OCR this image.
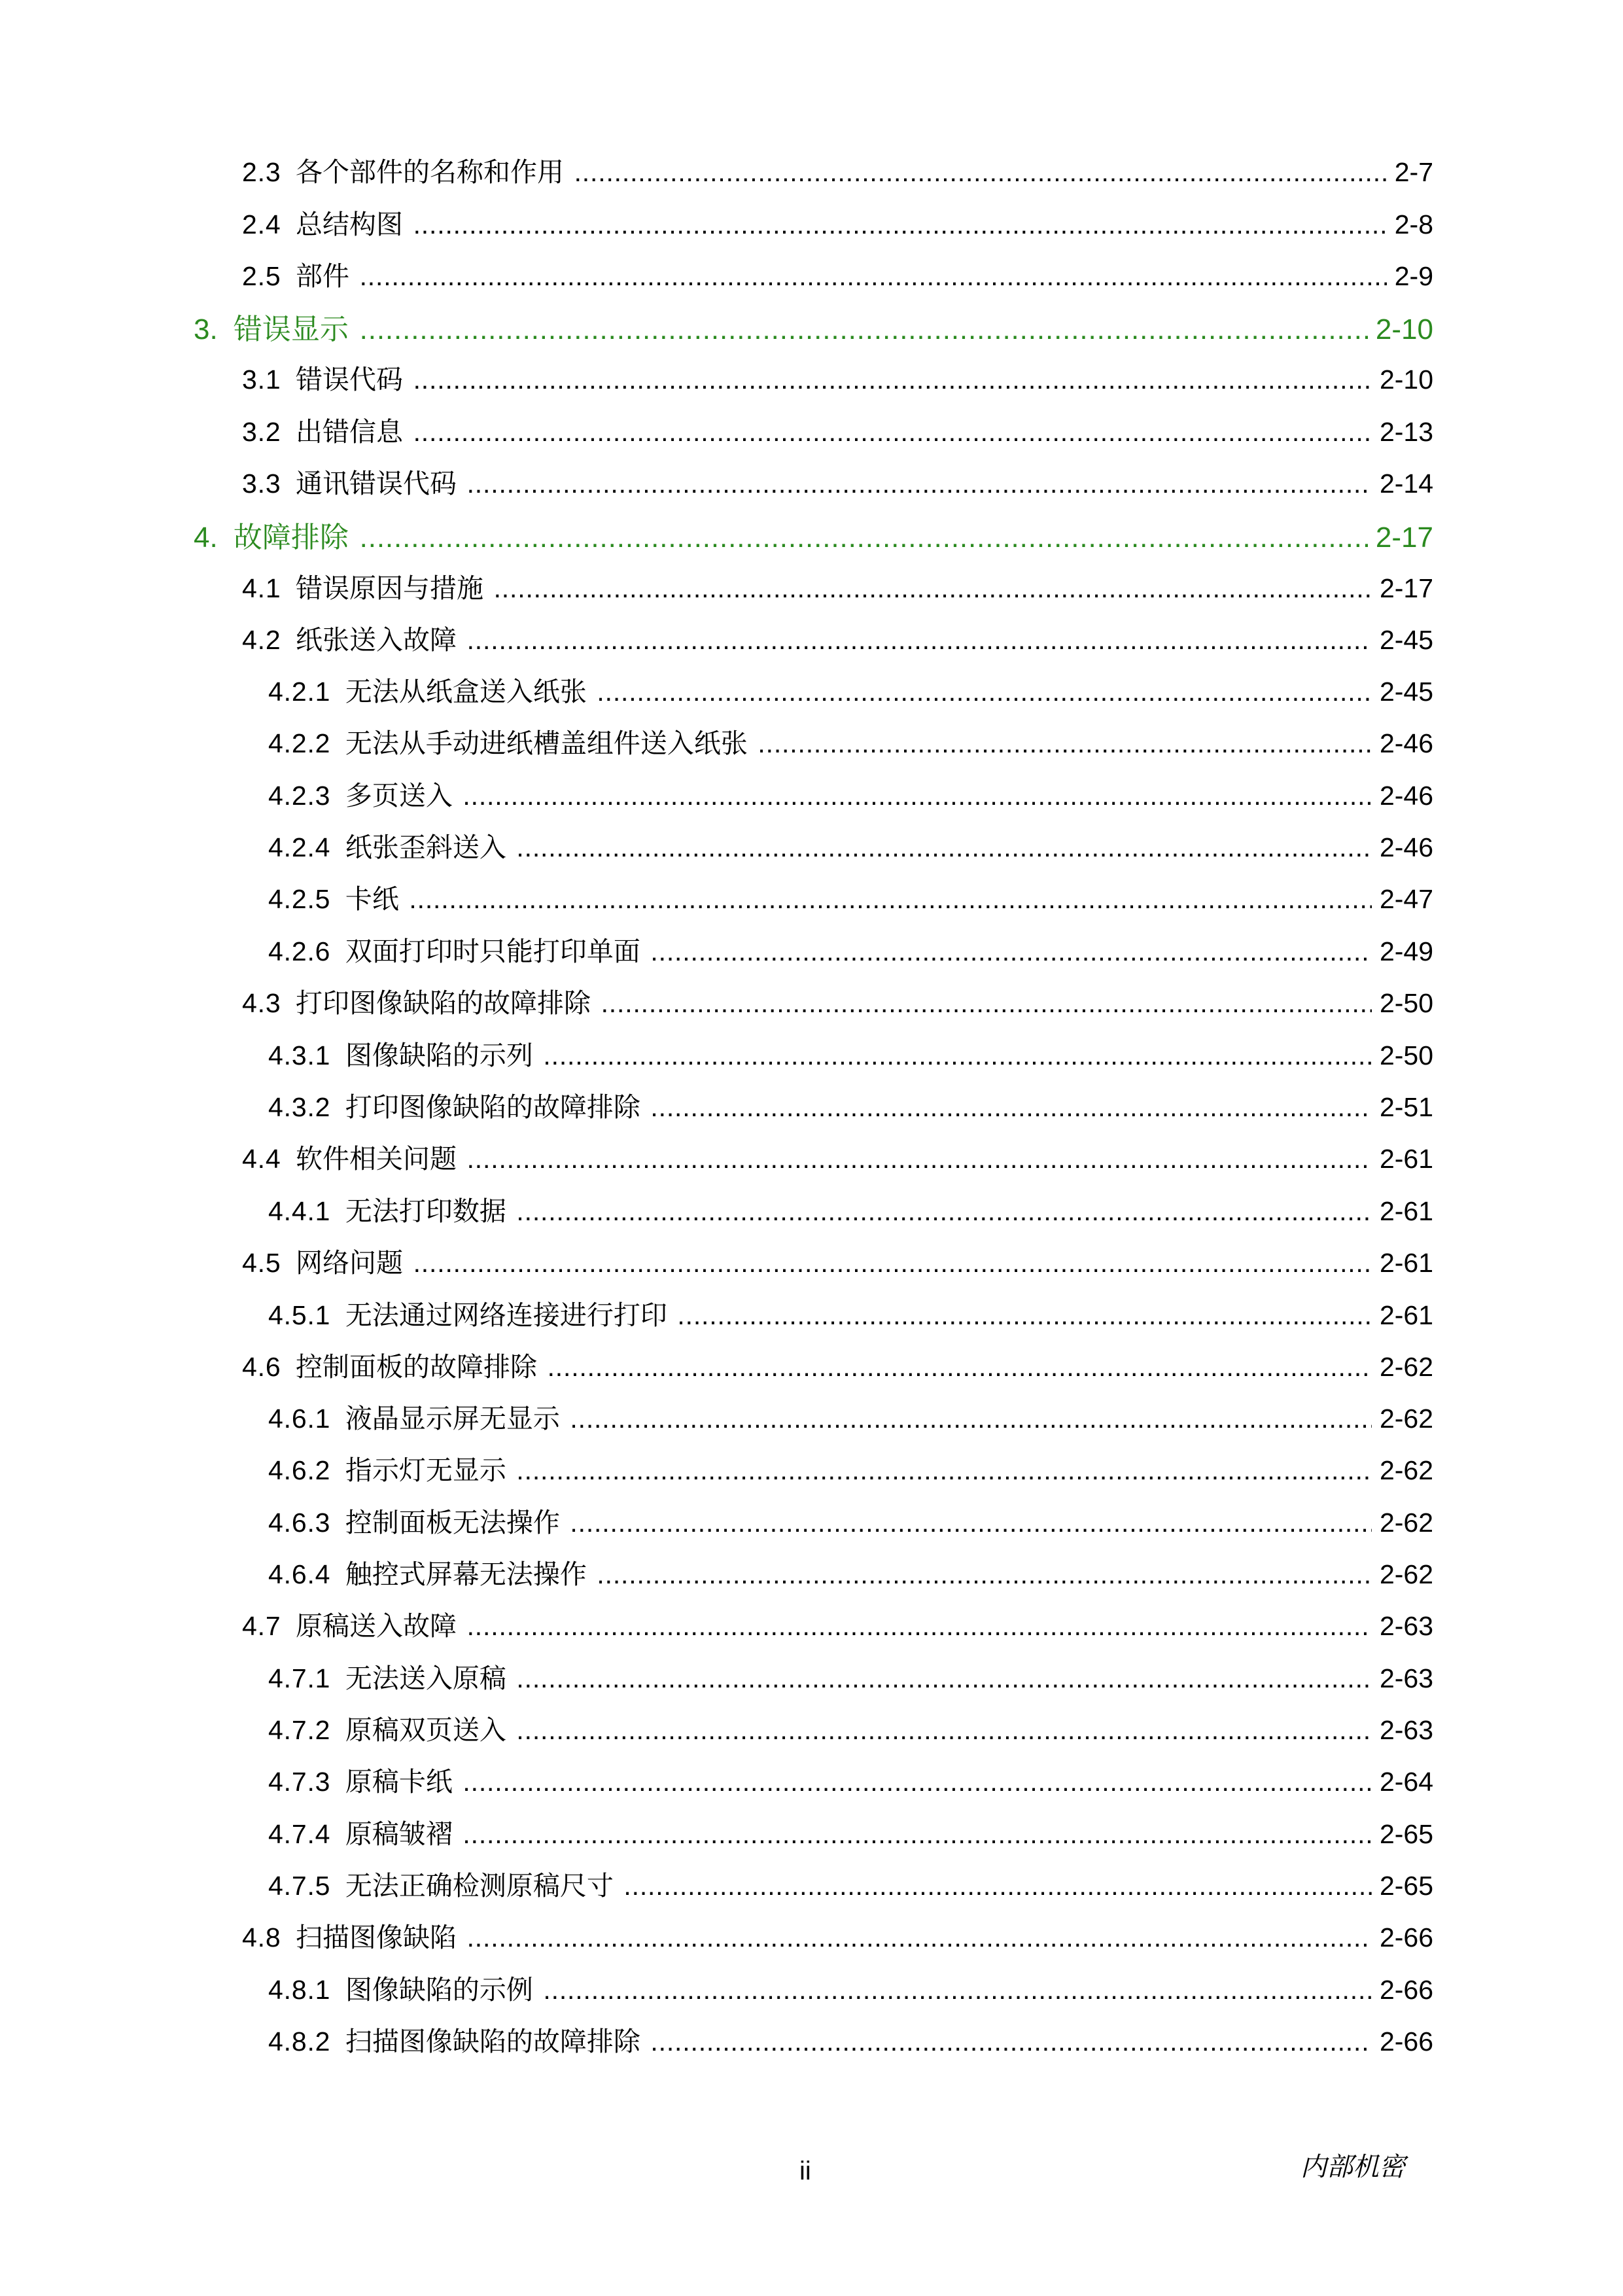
2.3 各个部件的名称和作用 .....	2-7
2.4 总结构图 .....	2-8
2.5 部件 .....	2-9
3. 错误显示 .....	2-10
3.1 错误代码 .....	2-10
3.2 出错信息 .....	2-13
3.3 通讯错误代码 .....	2-14
4. 故障排除 .....	2-17
4.1 错误原因与措施 .....	2-17
4.2 纸张送入故障 .....	2-45
4.2.1 无法从纸盒送入纸张 .....	2-45
4.2.2 无法从手动进纸槽盖组件送入纸张 .....	2-46
4.2.3 多页送入 .....	2-46
4.2.4 纸张歪斜送入 .....	2-46
4.2.5 卡纸 .....	2-47
4.2.6 双面打印时只能打印单面 .....	2-49
4.3 打印图像缺陷的故障排除 .....	2-50
4.3.1 图像缺陷的示列 .....	2-50
4.3.2 打印图像缺陷的故障排除 .....	2-51
4.4 软件相关问题 .....	2-61
4.4.1 无法打印数据 .....	2-61
4.5 网络问题 .....	2-61
4.5.1 无法通过网络连接进行打印 .....	2-61
4.6 控制面板的故障排除 .....	2-62
4.6.1 液晶显示屏无显示 .....	2-62
4.6.2 指示灯无显示 .....	2-62
4.6.3 控制面板无法操作 .....	2-62
4.6.4 触控式屏幕无法操作 .....	2-62
4.7 原稿送入故障 .....	2-63
4.7.1 无法送入原稿 .....	2-63
4.7.2 原稿双页送入 .....	2-63
4.7.3 原稿卡纸 .....	2-64
4.7.4 原稿皱褶 .....	2-65
4.7.5 无法正确检测原稿尺寸 .....	2-65
4.8 扫描图像缺陷 .....	2-66
4.8.1 图像缺陷的示例 .....	2-66
4.8.2 扫描图像缺陷的故障排除 .....	2-66
ii	内部机密
